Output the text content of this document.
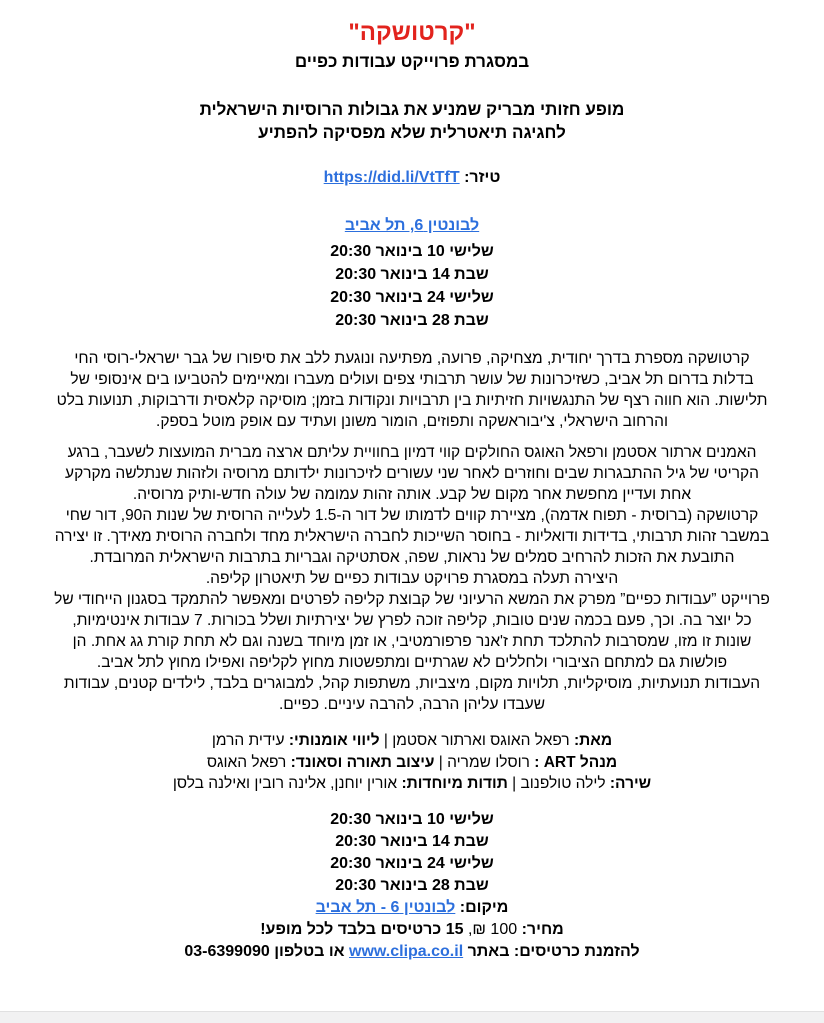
"קרטושקה"
במסגרת פרוייקט עבודות כפיים
מופע חזותי מבריק שמניע את גבולות הרוסיות הישראלית
לחגיגה תיאטרלית שלא מפסיקה להפתיע
טיזר: https://did.li/VtTfT
לבונטין 6, תל אביב
שלישי 10 בינואר 20:30
שבת 14 בינואר 20:30
שלישי 24 בינואר 20:30
שבת 28 בינואר 20:30

קרטושקה מספרת בדרך יחודית, מצחיקה, פרועה, מפתיעה ונוגעת ללב את סיפורו של גבר ישראלי-רוסי החי בדלות בדרום תל אביב, כשזיכרונות של עושר תרבותי צפים ועולים מעברו ומאיימים להטביעו בים אינסופי של תלישות. הוא חווה רצף של התנגשויות חזיתיות בין תרבויות ונקודות בזמן; מוסיקה קלאסית ודרבוקות, תנועות בלט והרחוב הישראלי, צ'יבוראשקה ותפוזים, הומור משונן ועתיד עם אופק מוטל בספק.

האמנים ארתור אסטמן ורפאל האוגס החולקים קווי דמיון בחוויית עליתם ארצה מברית המועצות לשעבר, ברגע הקריטי של גיל ההתבגרות שבים וחוזרים לאחר שני עשורים לזיכרונות ילדותם מרוסיה ולזהות שנתלשה מקרקע אחת ועדיין מחפשת אחר מקום של קבע. אותה זהות עמומה של עולה חדש-ותיק מרוסיה.

קרטושקה (ברוסית - תפוח אדמה), מציירת קווים לדמותו של דור ה-1.5 לעלייה הרוסית של שנות ה90, דור שחי במשבר זהות תרבותי, בדידות ודואליות - בחוסר השייכות לחברה הישראלית מחד ולחברה הרוסית מאידך. זו יצירה התובעת את הזכות להרחיב סמלים של נראות, שפה, אסתטיקה וגבריות בתרבות הישראלית המרובדת.

היצירה תעלה במסגרת פרויקט עבודות כפיים של תיאטרון קליפה.

פרוייקט ”עבודות כפיים” מפרק את המשא הרעיוני של קבוצת קליפה לפרטים ומאפשר להתמקד בסגנון הייחודי של כל יוצר בה. וכך, פעם בכמה שנים טובות, קליפה זוכה לפרץ של יצירתיות ושלל בכורות. 7 עבודות אינטימיות, שונות זו מזו, שמסרבות להתלכד תחת ז'אנר פרפורמטיבי, או זמן מיוחד בשנה וגם לא תחת קורת גג אחת. הן פולשות גם למתחם הציבורי ולחללים לא שגרתיים ומתפשטות מחוץ לקליפה ואפילו מחוץ לתל אביב.

העבודות תנועתיות, מוסיקליות, תלויות מקום, מיצביות, משתפות קהל, למבוגרים בלבד, לילדים קטנים, עבודות שעבדו עליהן הרבה, להרבה עיניים. כפיים.

מאת: רפאל האוגס וארתור אסטמן | ליווי אומנותי: עידית הרמן
מנהל ART : רוסלו שמריה | עיצוב תאורה וסאונד: רפאל האוגס
שירה: לילה טולפנוב | תודות מיוחדות: אורין יוחנן, אלינה רובין ואילנה בלסן
שלישי 10 בינואר 20:30
שבת 14 בינואר 20:30
שלישי 24 בינואר 20:30
שבת 28 בינואר 20:30
מיקום: לבונטין 6 - תל אביב
מחיר: 100 ₪, 15 כרטיסים בלבד לכל מופע!
להזמנת כרטיסים: באתר www.clipa.co.il או בטלפון 03-6399090
